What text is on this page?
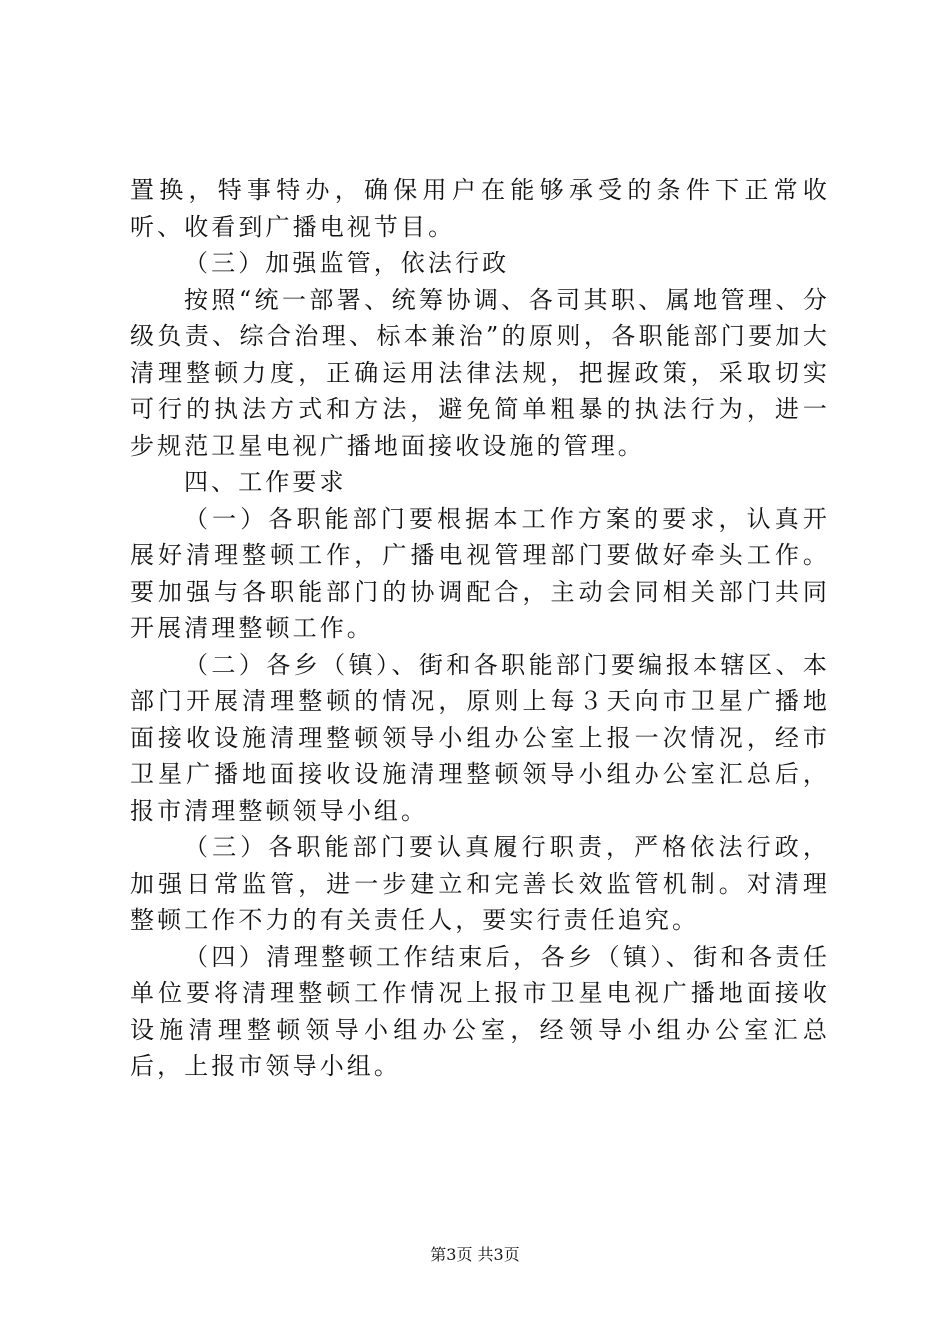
置换，特事特办，确保用户在能够承受的条件下正常收听、收看到广播电视节目。

（三）加强监管，依法行政

按照“统一部署、统筹协调、各司其职、属地管理、分级负责、综合治理、标本兼治”的原则，各职能部门要加大清理整顿力度，正确运用法律法规，把握政策，采取切实可行的执法方式和方法，避免简单粗暴的执法行为，进一步规范卫星电视广播地面接收设施的管理。

四、工作要求

（一）各职能部门要根据本工作方案的要求，认真开展好清理整顿工作，广播电视管理部门要做好牵头工作。要加强与各职能部门的协调配合，主动会同相关部门共同开展清理整顿工作。

（二）各乡（镇）、街和各职能部门要编报本辖区、本部门开展清理整顿的情况，原则上每３天向市卫星广播地面接收设施清理整顿领导小组办公室上报一次情况，经市卫星广播地面接收设施清理整顿领导小组办公室汇总后，报市清理整顿领导小组。

（三）各职能部门要认真履行职责，严格依法行政，加强日常监管，进一步建立和完善长效监管机制。对清理整顿工作不力的有关责任人，要实行责任追究。

（四）清理整顿工作结束后，各乡（镇）、街和各责任单位要将清理整顿工作情况上报市卫星电视广播地面接收设施清理整顿领导小组办公室，经领导小组办公室汇总后，上报市领导小组。

第3页 共3页
